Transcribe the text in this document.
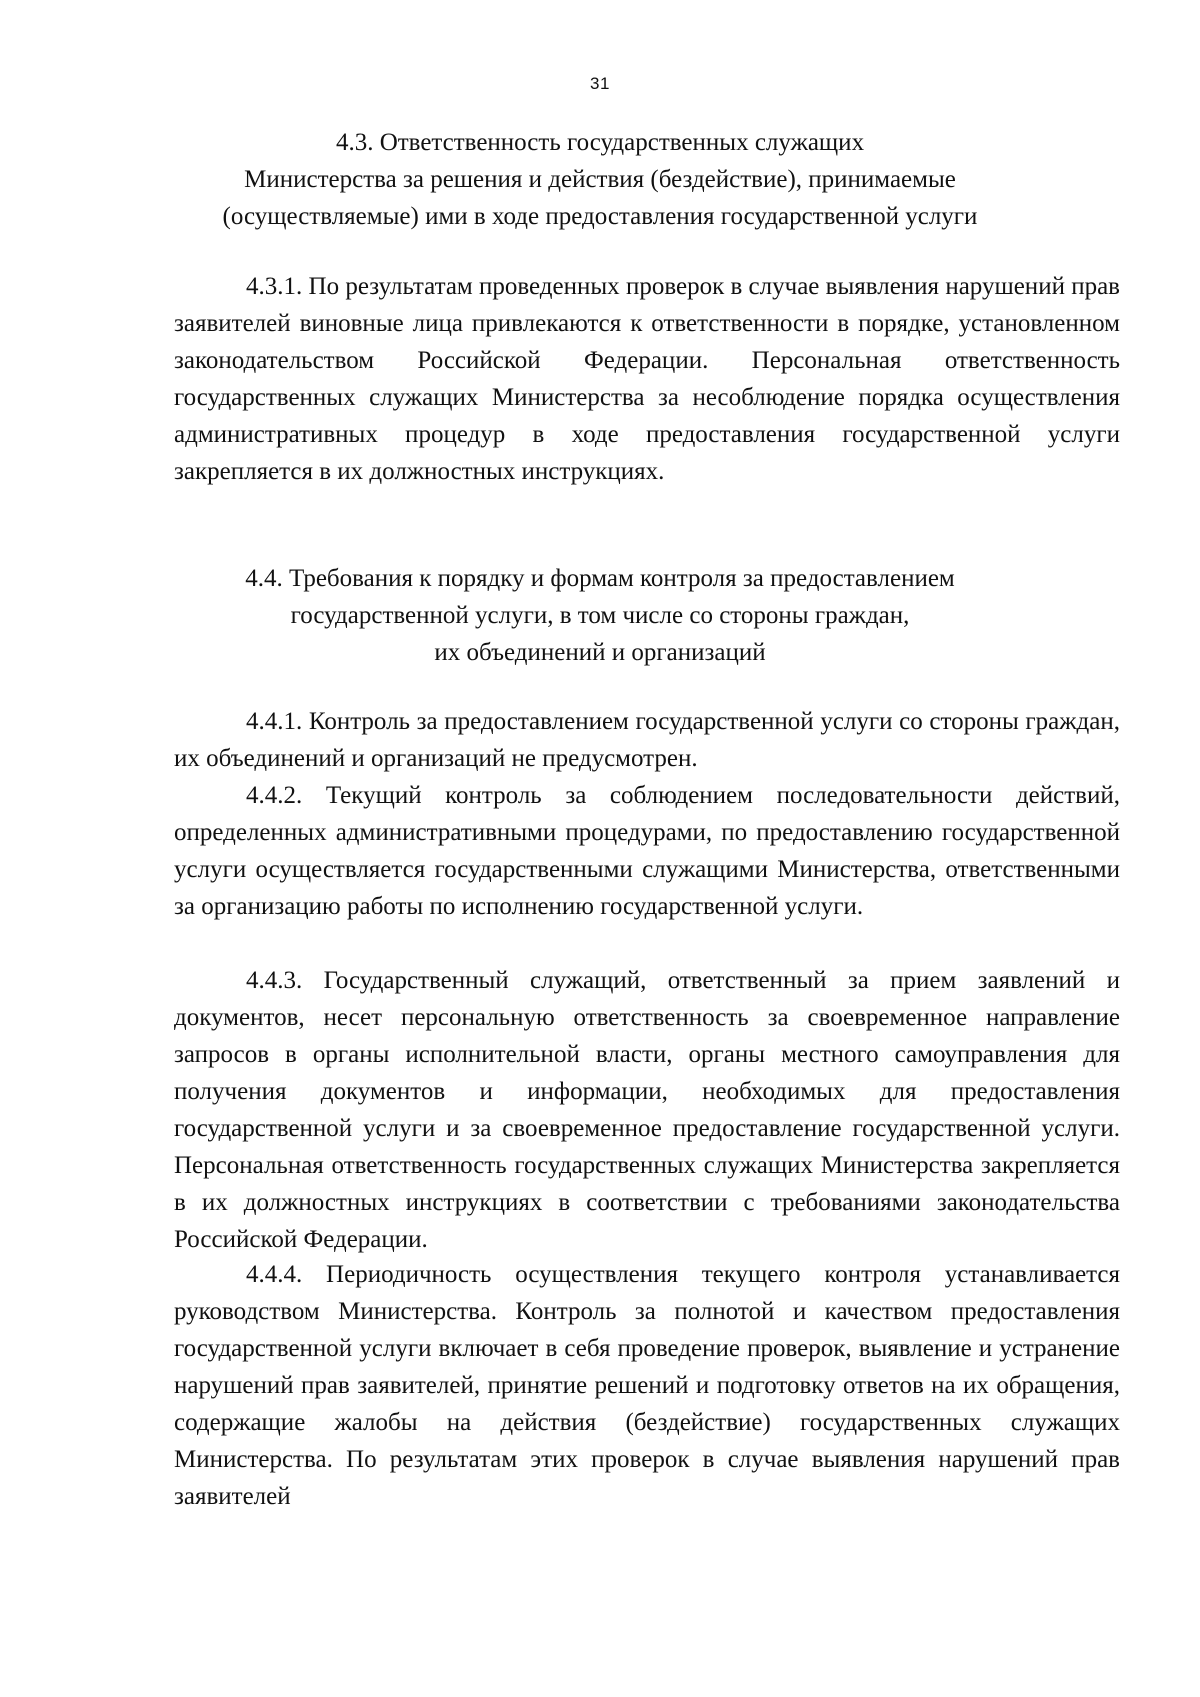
31
4.3. Ответственность государственных служащих
Министерства за решения и действия (бездействие), принимаемые
(осуществляемые) ими в ходе предоставления государственной услуги
4.3.1. По результатам проведенных проверок в случае выявления нарушений прав заявителей виновные лица привлекаются к ответственности в порядке, установленном законодательством Российской Федерации. Персональная ответственность государственных служащих Министерства за несоблюдение порядка осуществления административных процедур в ходе предоставления государственной услуги закрепляется в их должностных инструкциях.
4.4. Требования к порядку и формам контроля за предоставлением
государственной услуги, в том числе со стороны граждан,
их объединений и организаций
4.4.1. Контроль за предоставлением государственной услуги со стороны граждан, их объединений и организаций не предусмотрен.
4.4.2. Текущий контроль за соблюдением последовательности действий, определенных административными процедурами, по предоставлению государственной услуги осуществляется государственными служащими Министерства, ответственными за организацию работы по исполнению государственной услуги.
4.4.3. Государственный служащий, ответственный за прием заявлений и документов, несет персональную ответственность за своевременное направление запросов в органы исполнительной власти, органы местного самоуправления для получения документов и информации, необходимых для предоставления государственной услуги и за своевременное предоставление государственной услуги. Персональная ответственность государственных служащих Министерства закрепляется в их должностных инструкциях в соответствии с требованиями законодательства Российской Федерации.
4.4.4. Периодичность осуществления текущего контроля устанавливается руководством Министерства. Контроль за полнотой и качеством предоставления государственной услуги включает в себя проведение проверок, выявление и устранение нарушений прав заявителей, принятие решений и подготовку ответов на их обращения, содержащие жалобы на действия (бездействие) государственных служащих Министерства. По результатам этих проверок в случае выявления нарушений прав заявителей
